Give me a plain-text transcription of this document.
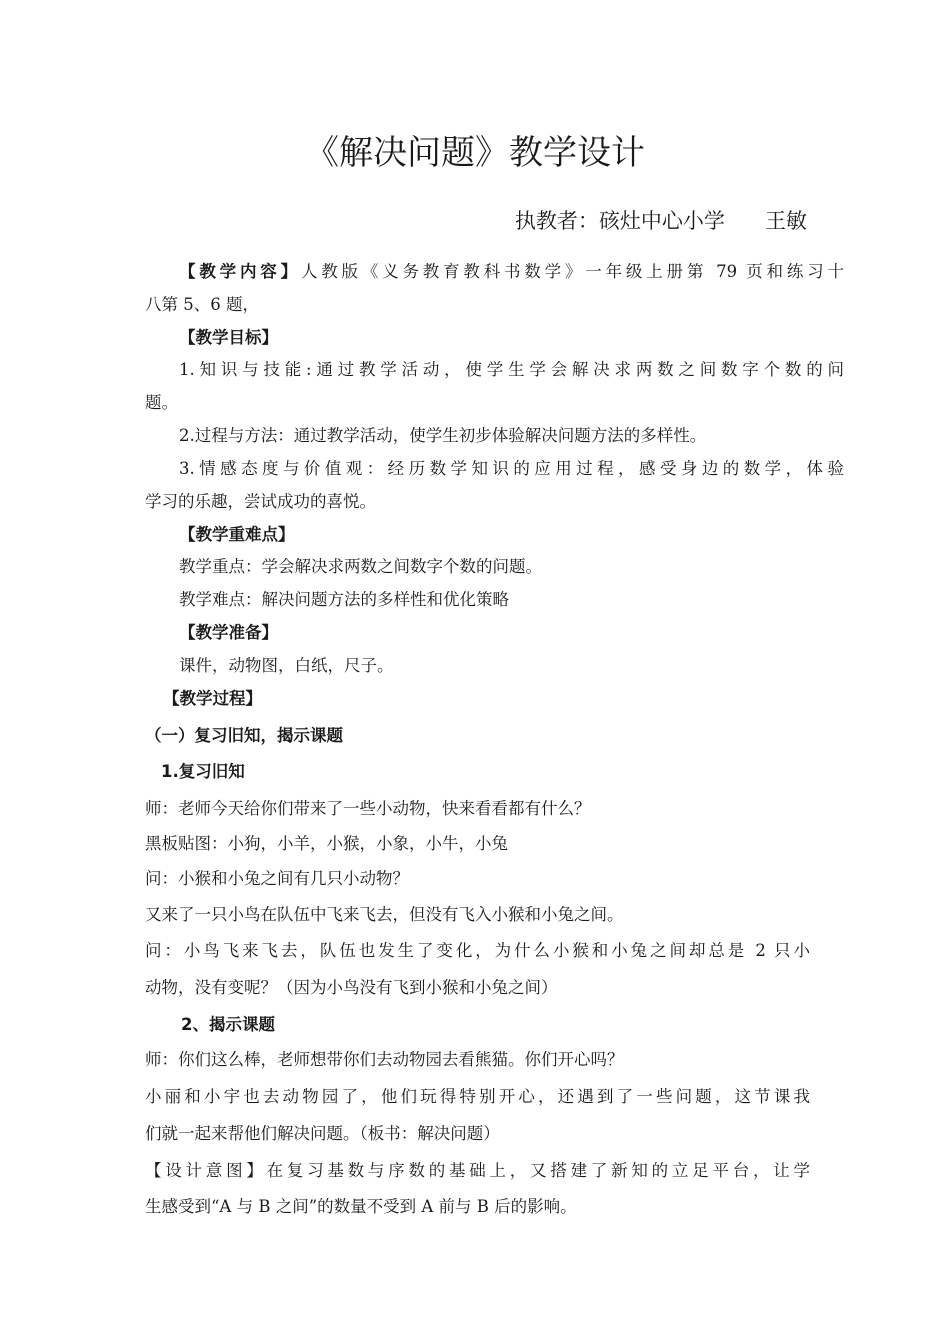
《解决问题》教学设计
执教者：硋灶中心小学      王敏
【教学内容】人教版《义务教育教科书数学》一年级上册第 79 页和练习十
八第 5、6 题，
【教学目标】
1.知识与技能:通过教学活动，使学生学会解决求两数之间数字个数的问
题。
2.过程与方法：通过教学活动，使学生初步体验解决问题方法的多样性。
3.情感态度与价值观：经历数学知识的应用过程，感受身边的数学，体验
学习的乐趣，尝试成功的喜悦。
【教学重难点】
教学重点：学会解决求两数之间数字个数的问题。
教学难点：解决问题方法的多样性和优化策略
【教学准备】
课件，动物图，白纸，尺子。
【教学过程】
（一）复习旧知，揭示课题
1.复习旧知
师：老师今天给你们带来了一些小动物，快来看看都有什么？
黑板贴图：小狗，小羊，小猴，小象，小牛，小兔
问：小猴和小兔之间有几只小动物？
又来了一只小鸟在队伍中飞来飞去，但没有飞入小猴和小兔之间。
问：小鸟飞来飞去，队伍也发生了变化，为什么小猴和小兔之间却总是 2 只小
动物，没有变呢？（因为小鸟没有飞到小猴和小兔之间）
2、揭示课题
师：你们这么棒，老师想带你们去动物园去看熊猫。你们开心吗？
小丽和小宇也去动物园了，他们玩得特别开心，还遇到了一些问题，这节课我
们就一起来帮他们解决问题。（板书：解决问题）
【设计意图】在复习基数与序数的基础上，又搭建了新知的立足平台，让学
生感受到“A 与 B 之间”的数量不受到 A 前与 B 后的影响。
